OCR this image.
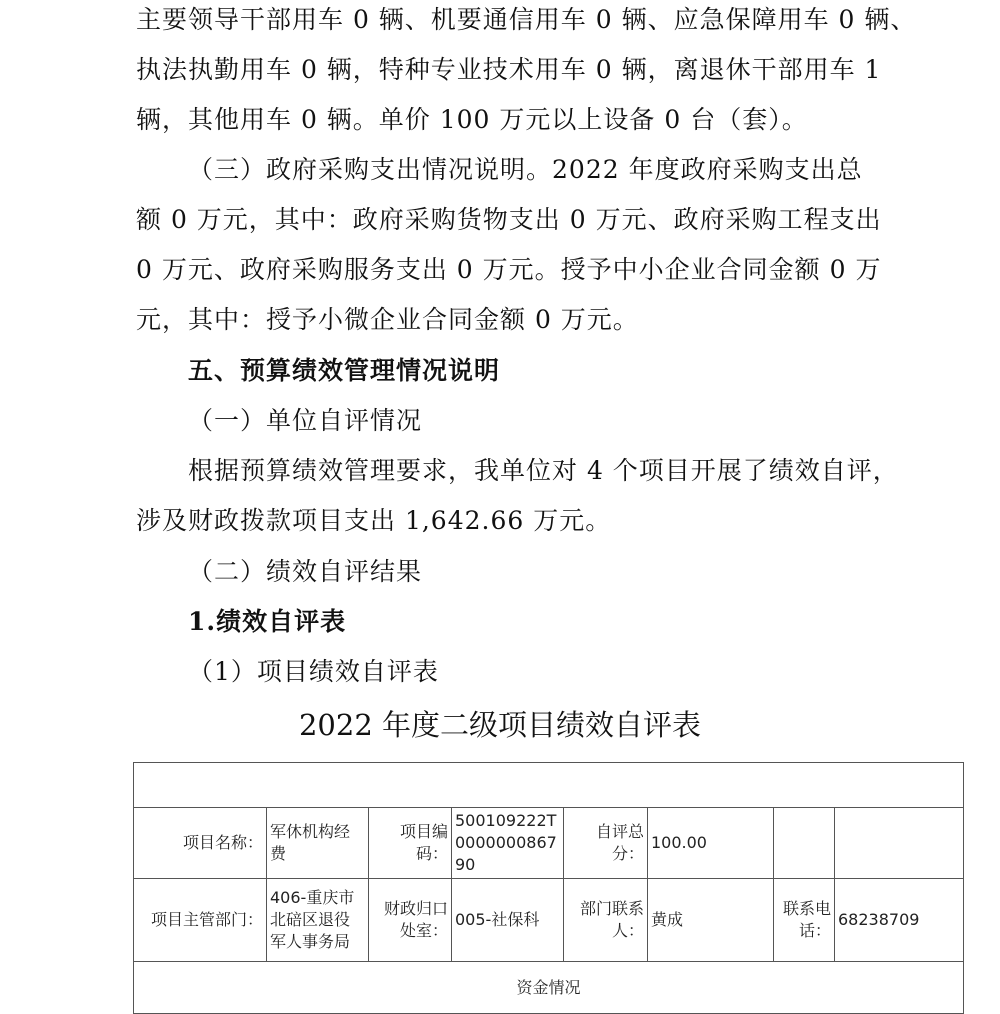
主要领导干部用车 0 辆、机要通信用车 0 辆、应急保障用车 0 辆、
执法执勤用车 0 辆，特种专业技术用车 0 辆，离退休干部用车 1
辆，其他用车 0 辆。单价 100 万元以上设备 0 台（套）。
（三）政府采购支出情况说明。2022 年度政府采购支出总
额 0 万元，其中：政府采购货物支出 0 万元、政府采购工程支出
0 万元、政府采购服务支出 0 万元。授予中小企业合同金额 0 万
元，其中：授予小微企业合同金额 0 万元。
五、预算绩效管理情况说明
（一）单位自评情况
根据预算绩效管理要求，我单位对 4 个项目开展了绩效自评，
涉及财政拨款项目支出 1,642.66 万元。
（二）绩效自评结果
1.绩效自评表
（1）项目绩效自评表
2022 年度二级项目绩效自评表

项目名称：	军休机构经费	项目编码：	500109222T000000086790	自评总分：	100.00		
项目主管部门：	406-重庆市北碚区退役军人事务局	财政归口处室：	005-社保科	部门联系人：	黄成	联系电话：	68238709
资金情况							
